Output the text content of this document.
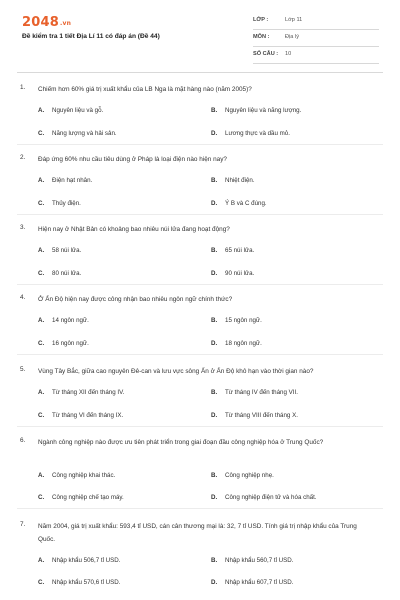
2048.vn
Đề kiểm tra 1 tiết Địa Lí 11 có đáp án (Đề 44)
LỚP :	Lớp 11
MÔN :	Địa lý
SỐ CÂU : 10
1. Chiếm hơn 60% giá trị xuất khẩu của LB Nga là mặt hàng nào (năm 2005)?
A. Nguyên liệu và gỗ.	B. Nguyên liệu và năng lượng.
C. Năng lượng và hải sản.	D. Lương thực và dầu mỏ.
2. Đáp ứng 60% nhu cầu tiêu dùng ở Pháp là loại điện nào hiện nay?
A. Điện hạt nhân.	B. Nhiệt điện.
C. Thủy điện.	D. Ý B và C đúng.
3. Hiện nay ở Nhật Bản có khoảng bao nhiêu núi lửa đang hoạt động?
A. 58 núi lửa.	B. 65 núi lửa.
C. 80 núi lửa.	D. 90 núi lửa.
4. Ở Ấn Độ hiện nay được công nhận bao nhiêu ngôn ngữ chính thức?
A. 14 ngôn ngữ.	B. 15 ngôn ngữ.
C. 16 ngôn ngữ.	D. 18 ngôn ngữ.
5. Vùng Tây Bắc, giữa cao nguyên Đê-can và lưu vực sông Ấn ở Ấn Độ khô hạn vào thời gian nào?
A. Từ tháng XII đến tháng IV.	B. Từ tháng IV đến tháng VII.
C. Từ tháng VI đến tháng IX.	D. Từ tháng VIII đến tháng X.
6. Ngành công nghiệp nào được ưu tiên phát triển trong giai đoạn đầu công nghiệp hóa ở Trung Quốc?
A. Công nghiệp khai thác.	B. Công nghiệp nhẹ.
C. Công nghiệp chế tạo máy.	D. Công nghiệp điện tử và hóa chất.
7. Năm 2004, giá trị xuất khẩu: 593,4 tỉ USD, cán cân thương mại là: 32, 7 tỉ USD. Tính giá trị nhập khẩu của Trung Quốc.
A. Nhập khẩu 506,7 tỉ USD.	B. Nhập khẩu 560,7 tỉ USD.
C. Nhập khẩu 570,6 tỉ USD.	D. Nhập khẩu 607,7 tỉ USD.
